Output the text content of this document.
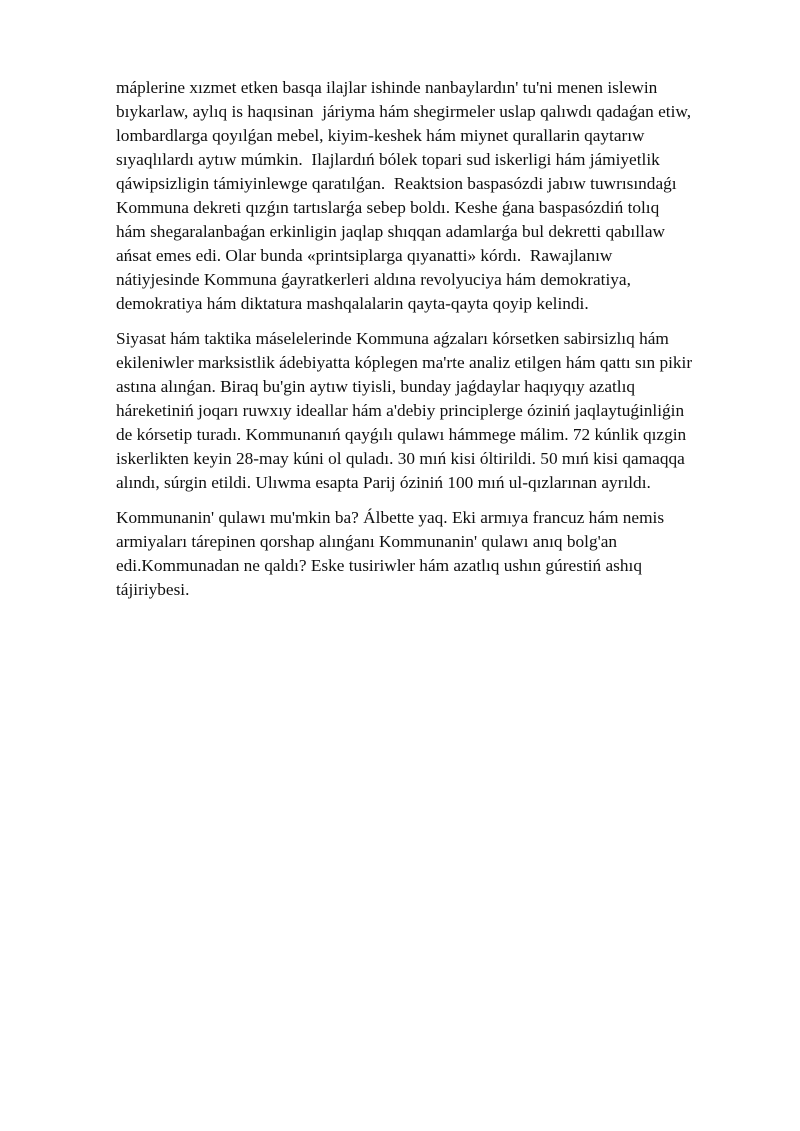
máplerine xızmet etken basqa ilajlar ishinde nanbaylardın' tu'ni menen islewin
bıykarlaw, aylıq is haqısinan  járiyma hám shegirmeler uslap qalıwdı qadaǵan etiw,
lombardlarga qoyılǵan mebel, kiyim-keshek hám miynet qurallarin qaytarıw
sıyaqlılardı aytıw múmkin.  Ilajlardıń bólek topari sud iskerligi hám jámiyetlik
qáwipsizligin támiyinlewge qaratılǵan.  Reaktsion baspasózdi jabıw tuwrısındaǵı
Kommuna dekreti qızǵın tartıslarǵa sebep boldı. Keshe ǵana baspasózdiń tolıq
hám shegaralanbaǵan erkinligin jaqlap shıqqan adamlarǵa bul dekretti qabıllaw
ańsat emes edi. Olar bunda «printsiplarga qıyanatti» kórdı.  Rawajlanıw
nátiyjesinde Kommuna ǵayratkerleri aldına revolyuciya hám demokratiya,
demokratiya hám diktatura mashqalalarin qayta-qayta qoyip kelindi.

Siyasat hám taktika máselelerinde Kommuna aǵzaları kórsetken sabirsizlıq hám
ekileniwler marksistlik ádebiyatta kóplegen ma'rte analiz etilgen hám qattı sın pikir
astına alınǵan. Biraq bu'gin aytıw tiyisli, bunday jaǵdaylar haqıyqıy azatlıq
háreketiniń joqarı ruwxıy ideallar hám a'debiy principlerge óziniń jaqlaytuǵinliǵin
de kórsetip turadı. Kommunanıń qayǵılı qulawı hámmege málim. 72 kúnlik qızgin
iskerlikten keyin 28-may kúni ol quladı. 30 mıń kisi óltirildi. 50 mıń kisi qamaqqa
alındı, súrgin etildi. Ulıwma esapta Parij óziniń 100 mıń ul-qızlarınan ayrıldı.

Kommunanin' qulawı mu'mkin ba? Álbette yaq. Eki armıya francuz hám nemis
armiyaları tárepinen qorshap alınǵanı Kommunanin' qulawı anıq bolg'an
edi.Kommunadan ne qaldı? Eske tusiriwler hám azatlıq ushın gúrestiń ashıq
tájiriybesi.
